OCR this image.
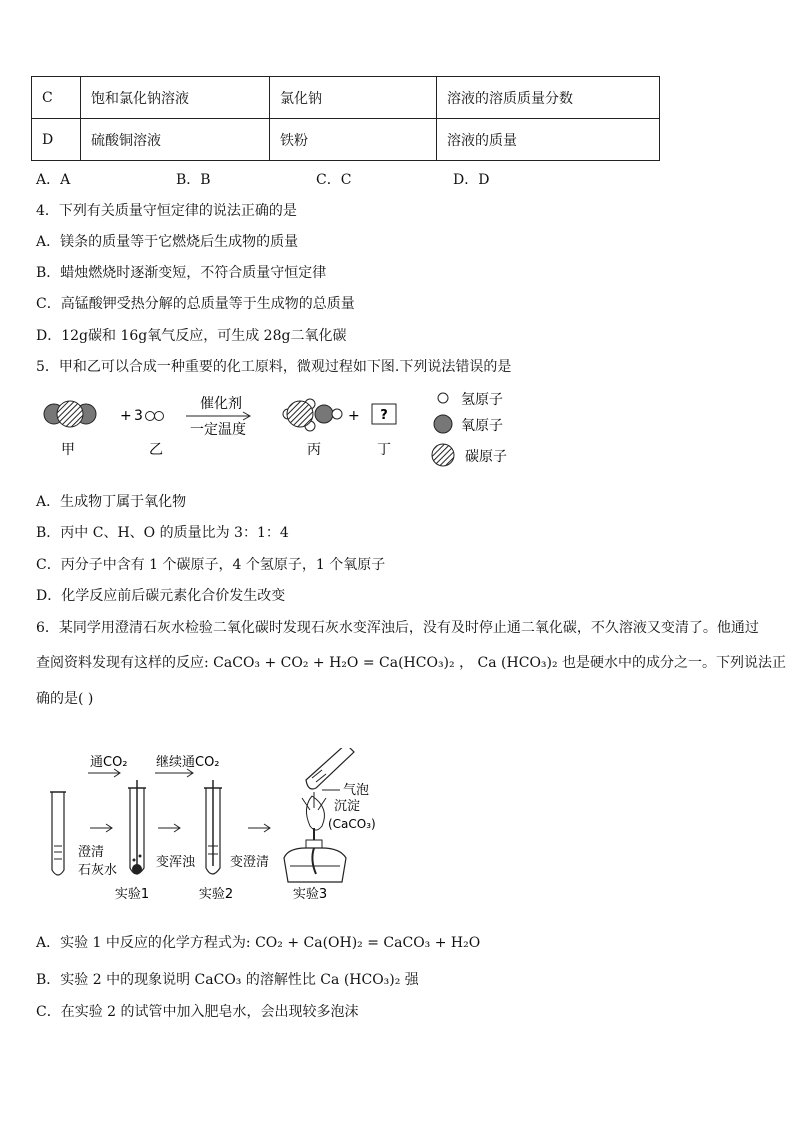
C	饱和氯化钠溶液	氯化钠	溶液的溶质质量分数
D	硫酸铜溶液	铁粉	溶液的质量
A．A	B．B	C．C	D．D
4．下列有关质量守恒定律的说法正确的是
A．镁条的质量等于它燃烧后生成物的质量
B．蜡烛燃烧时逐渐变短，不符合质量守恒定律
C．高锰酸钾受热分解的总质量等于生成物的总质量
D．12g碳和 16g氧气反应，可生成 28g二氧化碳
5．甲和乙可以合成一种重要的化工原料，微观过程如下图.下列说法错误的是
甲
+ 3
乙
催化剂
一定温度
丙
+ ?
丁
氢原子
氧原子
碳原子
A．生成物丁属于氧化物
B．丙中 C、H、O 的质量比为 3：1：4
C．丙分子中含有 1 个碳原子，4 个氢原子，1 个氧原子
D．化学反应前后碳元素化合价发生改变
6．某同学用澄清石灰水检验二氧化碳时发现石灰水变浑浊后，没有及时停止通二氧化碳，不久溶液又变清了。他通过
查阅资料发现有这样的反应: CaCO₃ + CO₂ + H₂O = Ca(HCO₃)₂ ， Ca (HCO₃)₂ 也是硬水中的成分之一。下列说法正
确的是( )
通CO₂ 继续通CO₂
澄清
石灰水
变浑浊
实验1
变澄清
实验2
气泡
沉淀
(CaCO₃)
实验3
A．实验 1 中反应的化学方程式为: CO₂ + Ca(OH)₂ = CaCO₃ + H₂O
B．实验 2 中的现象说明 CaCO₃ 的溶解性比 Ca (HCO₃)₂ 强
C．在实验 2 的试管中加入肥皂水，会出现较多泡沫
